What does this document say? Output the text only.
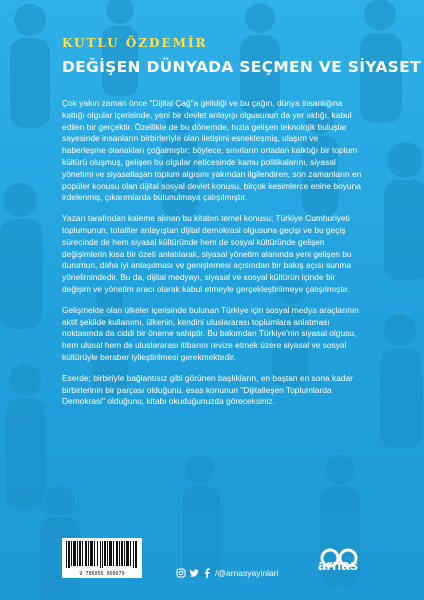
KUTLU ÖZDEMİR
DEĞİŞEN DÜNYADA SEÇMEN VE SİYASET

Çok yakın zaman önce "Dijital Çağ"a girildiği ve bu çağın, dünya insanlığına kattığı olgular içerisinde, yeni bir devlet anlayışı olgusunun da yer aldığı, kabul edilen bir gerçektir. Özellikle de bu dönemde, hızla gelişen teknolojik buluşlar sayesinde insanların birbirleriyle olan iletişimi esnekleşmiş, ulaşım ve haberleşme olanakları çoğalmıştır; böylece, sınırların ortadan kalktığı bir toplum kültürü oluşmuş, gelişen bu olgular neticesinde kamu politikalarını, siyasal yönetimi ve siyasallaşan toplum algısını yakından ilgilendiren, son zamanların en popüler konusu olan dijital sosyal devlet konusu, birçok kesimlerce enine boyuna irdelenmiş, çıkarımlarda bulunulmaya çalışılmıştır.

Yazarı tarafından kaleme alınan bu kitabın temel konusu; Türkiye Cumhuriyeti toplumunun, totaliter anlayıştan dijital demokrasi olgusuna geçişi ve bu geçiş sürecinde de hem siyasal kültüründe hem de sosyal kültüründe gelişen değişimlerin kısa bir özeti anlatılarak, siyasal yönetim alanında yeni gelişen bu durumun, daha iyi anlaşılması ve genişlemesi açısından bir bakış açısı sunma yönelimindedir. Bu da, dijital medyayı, siyasal ve sosyal kültürün içinde bir değişim ve yönetim aracı olarak kabul etmeyle gerçekleştirilmeye çalışılmıştır.

Gelişmekte olan ülkeler içerisinde bulunan Türkiye için sosyal medya araçlarının aktif şekilde kullanımı, ülkenin, kendini uluslararası toplumlara anlatması noktasında da ciddi bir öneme sahiptir. Bu bakımdan Türkiye'nin siyasal olgusu, hem ulusal hem de uluslararası itibarını revize etmek üzere siyasal ve sosyal kültürüyle beraber iyileştirilmesi gerekmektedir.

Eserde; birbiriyle bağlantısız gibi görünen başlıkların, en baştan en sona kadar birbirlerinin bir parçası olduğunu, esas konunun "Dijitalleşen Toplumlarda Demokrasi" olduğunu, kitabı okuduğunuzda göreceksiniz.

9 786056 960079	/@arnasyayinlari	arnas
